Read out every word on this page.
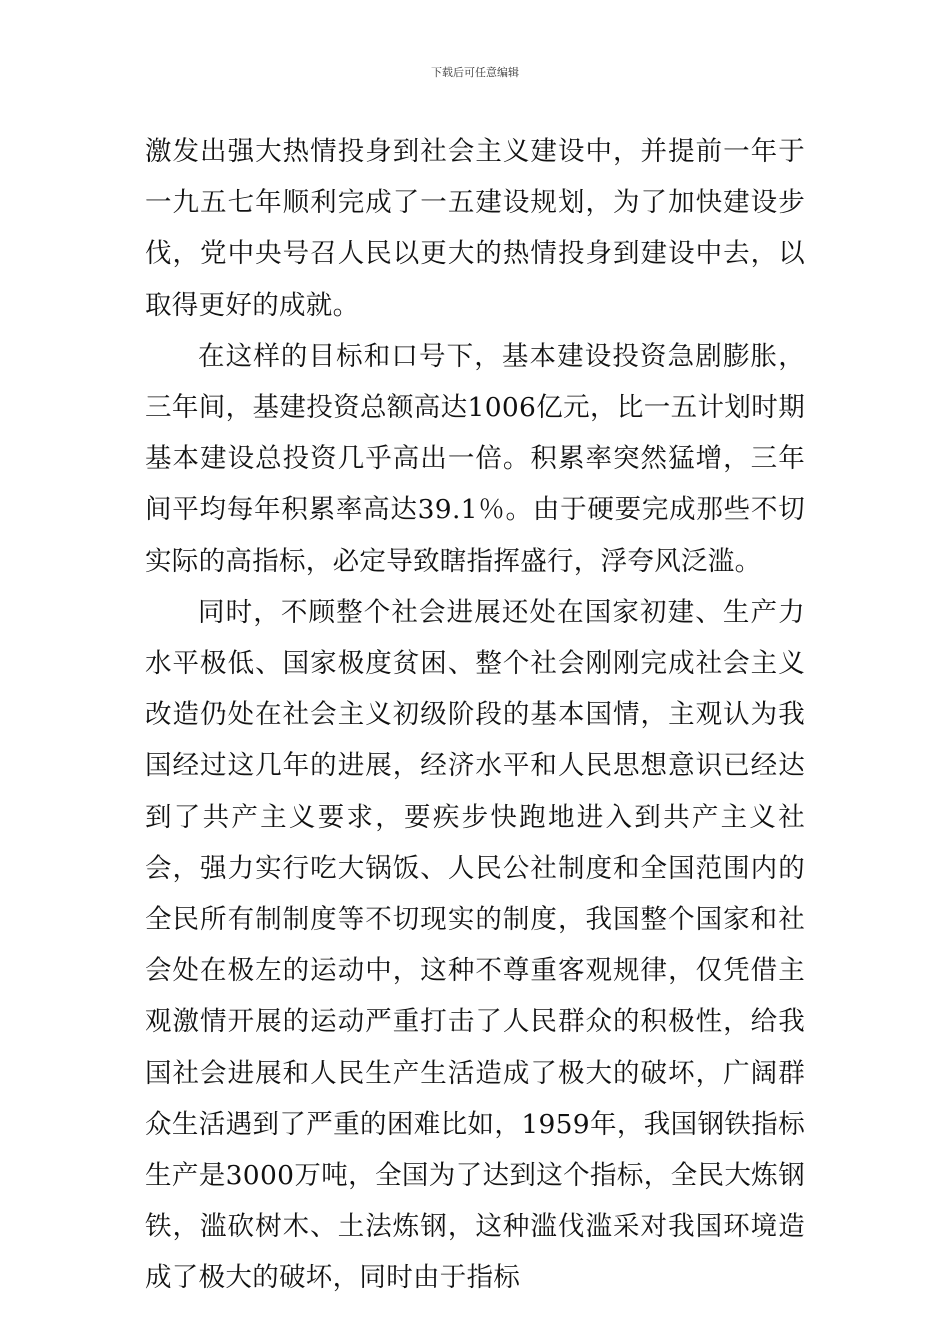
下载后可任意编辑

激发出强大热情投身到社会主义建设中，并提前一年于一九五七年顺利完成了一五建设规划，为了加快建设步伐，党中央号召人民以更大的热情投身到建设中去，以取得更好的成就。

在这样的目标和口号下，基本建设投资急剧膨胀，三年间，基建投资总额高达1006亿元，比一五计划时期基本建设总投资几乎高出一倍。积累率突然猛增，三年间平均每年积累率高达39.1％。由于硬要完成那些不切实际的高指标，必定导致瞎指挥盛行，浮夸风泛滥。

同时，不顾整个社会进展还处在国家初建、生产力水平极低、国家极度贫困、整个社会刚刚完成社会主义改造仍处在社会主义初级阶段的基本国情，主观认为我国经过这几年的进展，经济水平和人民思想意识已经达到了共产主义要求，要疾步快跑地进入到共产主义社会，强力实行吃大锅饭、人民公社制度和全国范围内的全民所有制制度等不切现实的制度，我国整个国家和社会处在极左的运动中，这种不尊重客观规律，仅凭借主观激情开展的运动严重打击了人民群众的积极性，给我国社会进展和人民生产生活造成了极大的破坏，广阔群众生活遇到了严重的困难比如，1959年，我国钢铁指标生产是3000万吨，全国为了达到这个指标，全民大炼钢铁，滥砍树木、土法炼钢，这种滥伐滥采对我国环境造成了极大的破坏，同时由于指标
